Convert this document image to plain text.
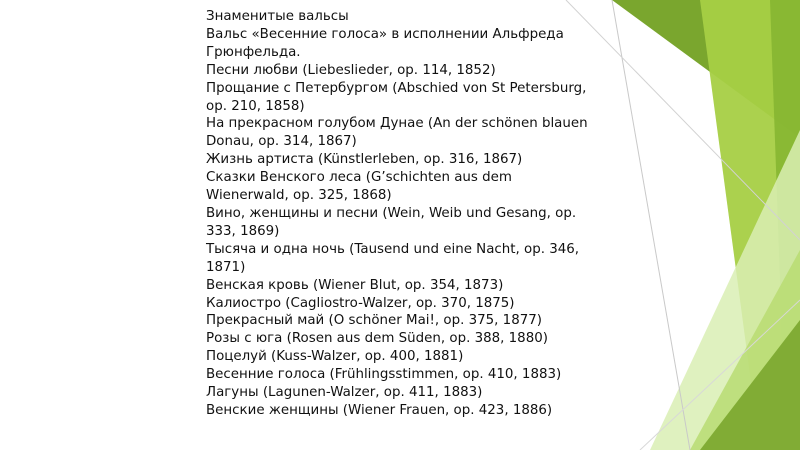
Знаменитые вальсы
Вальс «Весенние голоса» в исполнении Альфреда
Грюнфельда.
Песни любви (Liebeslieder, op. 114, 1852)
Прощание с Петербургом (Abschied von St Petersburg,
op. 210, 1858)
На прекрасном голубом Дунае (An der schönen blauen
Donau, op. 314, 1867)
Жизнь артиста (Künstlerleben, op. 316, 1867)
Сказки Венского леса (G’schichten aus dem
Wienerwald, op. 325, 1868)
Вино, женщины и песни (Wein, Weib und Gesang, op.
333, 1869)
Тысяча и одна ночь (Tausend und eine Nacht, op. 346,
1871)
Венская кровь (Wiener Blut, op. 354, 1873)
Калиостро (Cagliostro-Walzer, op. 370, 1875)
Прекрасный май (O schöner Mai!, op. 375, 1877)
Розы с юга (Rosen aus dem Süden, op. 388, 1880)
Поцелуй (Kuss-Walzer, op. 400, 1881)
Весенние голоса (Frühlingsstimmen, op. 410, 1883)
Лагуны (Lagunen-Walzer, op. 411, 1883)
Венские женщины (Wiener Frauen, op. 423, 1886)
